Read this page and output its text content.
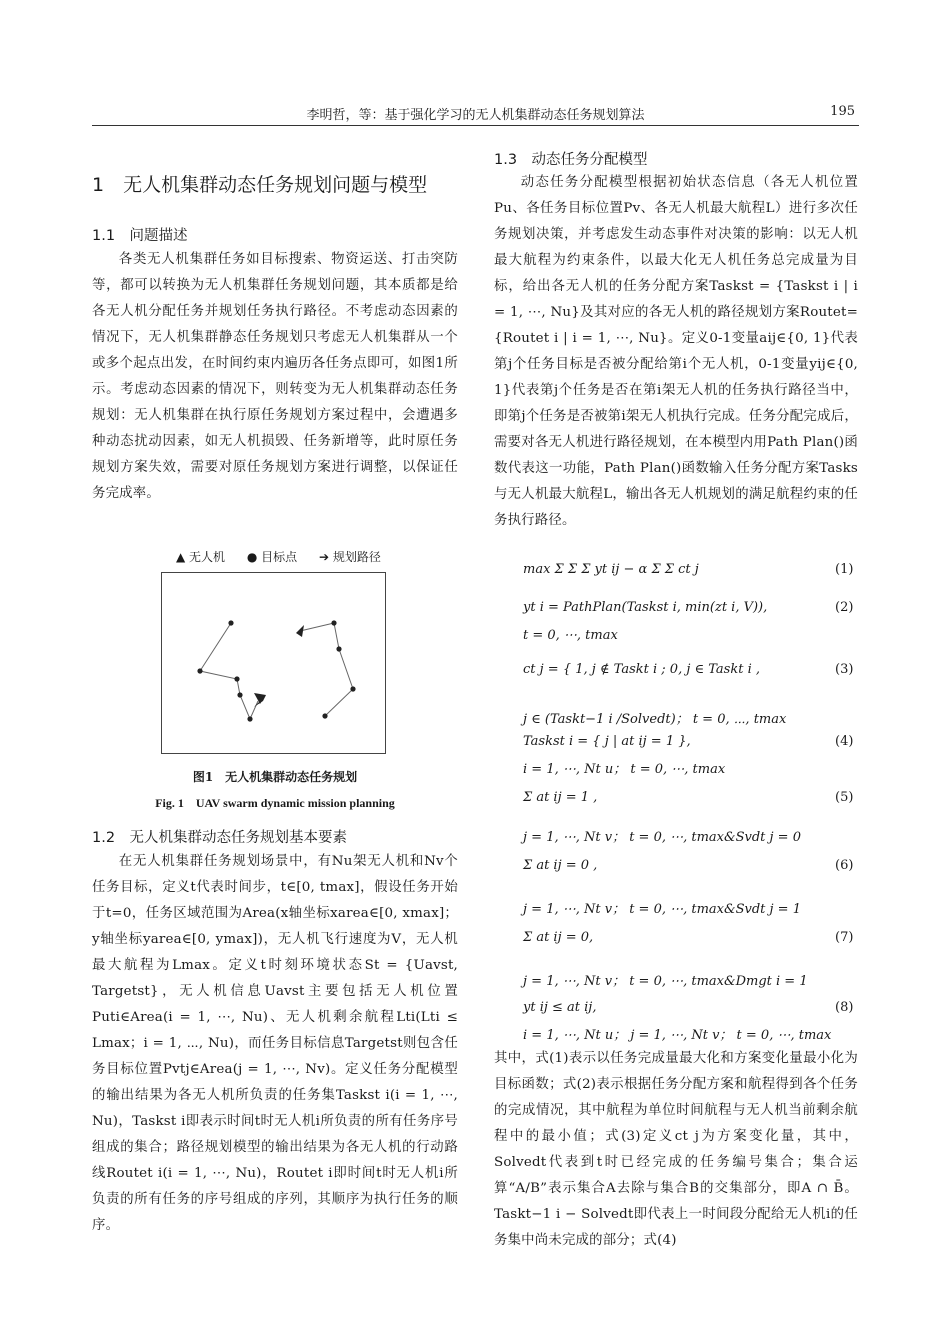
李明哲，等：基于强化学习的无人机集群动态任务规划算法	195
1　无人机集群动态任务规划问题与模型
1.1　问题描述
各类无人机集群任务如目标搜索、物资运送、打击突防等，都可以转换为无人机集群任务规划问题，其本质都是给各无人机分配任务并规划任务执行路径。不考虑动态因素的情况下，无人机集群静态任务规划只考虑无人机集群从一个或多个起点出发，在时间约束内遍历各任务点即可，如图1所示。考虑动态因素的情况下，则转变为无人机集群动态任务规划：无人机集群在执行原任务规划方案过程中，会遭遇多种动态扰动因素，如无人机损毁、任务新增等，此时原任务规划方案失效，需要对原任务规划方案进行调整，以保证任务完成率。
▲ 无人机 ● 目标点 ➔ 规划路径
图1　无人机集群动态任务规划
Fig. 1　UAV swarm dynamic mission planning
1.2　无人机集群动态任务规划基本要素
在无人机集群任务规划场景中，有Nu架无人机和Nv个任务目标，定义t代表时间步，t∈[0, tmax]，假设任务开始于t=0，任务区域范围为Area(x轴坐标xarea∈[0, xmax]；y轴坐标yarea∈[0, ymax])，无人机飞行速度为V，无人机最大航程为Lmax。定义t时刻环境状态St = {Uavst, Targetst}，无人机信息Uavst主要包括无人机位置Puti∈Area(i = 1, ⋯, Nu)、无人机剩余航程Lti(Lti ≤ Lmax；i = 1, ⋯, Nu)，而任务目标信息Targetst则包含任务目标位置Pvtj∈Area(j = 1, ⋯, Nv)。定义任务分配模型的输出结果为各无人机所负责的任务集Taskst i(i = 1, ⋯, Nu)，Taskst i即表示时间t时无人机i所负责的所有任务序号组成的集合；路径规划模型的输出结果为各无人机的行动路线Routet i(i = 1, ⋯, Nu)，Routet i即时间t时无人机i所负责的所有任务的序号组成的序列，其顺序为执行任务的顺序。
1.3　动态任务分配模型
动态任务分配模型根据初始状态信息（各无人机位置Pu、各任务目标位置Pv、各无人机最大航程L）进行多次任务规划决策，并考虑发生动态事件对决策的影响：以无人机最大航程为约束条件，以最大化无人机任务总完成量为目标，给出各无人机的任务分配方案Taskst = {Taskst i | i = 1, ⋯, Nu}及其对应的各无人机的路径规划方案Routet={Routet i | i = 1, ⋯, Nu}。定义0-1变量aij∈{0, 1}代表第j个任务目标是否被分配给第i个无人机，0-1变量yij∈{0, 1}代表第j个任务是否在第i架无人机的任务执行路径当中，即第j个任务是否被第i架无人机执行完成。任务分配完成后，需要对各无人机进行路径规划，在本模型内用Path Plan()函数代表这一功能，Path Plan()函数输入任务分配方案Tasks与无人机最大航程L，输出各无人机规划的满足航程约束的任务执行路径。
max Σ Σ Σ yt ij − α Σ Σ ct j	(1)
yt i = PathPlan(Taskst i, min(zt i, V)),	(2)
t = 0, ⋯, tmax
ct j = { 1, j ∉ Taskt i ; 0, j ∈ Taskt i ,	(3)
j ∈ (Taskt−1 i /Solvedt)； t = 0, ⋯, tmax
Taskst i = { j | at ij = 1 },	(4)
i = 1, ⋯, Nt u； t = 0, ⋯, tmax
Σ at ij = 1 ,	(5)
j = 1, ⋯, Nt v； t = 0, ⋯, tmax&Svdt j = 0
Σ at ij = 0 ,	(6)
j = 1, ⋯, Nt v； t = 0, ⋯, tmax&Svdt j = 1
Σ at ij = 0,	(7)
j = 1, ⋯, Nt v； t = 0, ⋯, tmax&Dmgt i = 1
yt ij ≤ at ij,	(8)
i = 1, ⋯, Nt u； j = 1, ⋯, Nt v； t = 0, ⋯, tmax
其中，式(1)表示以任务完成量最大化和方案变化量最小化为目标函数；式(2)表示根据任务分配方案和航程得到各个任务的完成情况，其中航程为单位时间航程与无人机当前剩余航程中的最小值；式(3)定义ct j为方案变化量，其中，Solvedt代表到t时已经完成的任务编号集合；集合运算“A/B”表示集合A去除与集合B的交集部分，即A ∩ B̄。Taskt−1 i − Solvedt即代表上一时间段分配给无人机i的任务集中尚未完成的部分；式(4)
